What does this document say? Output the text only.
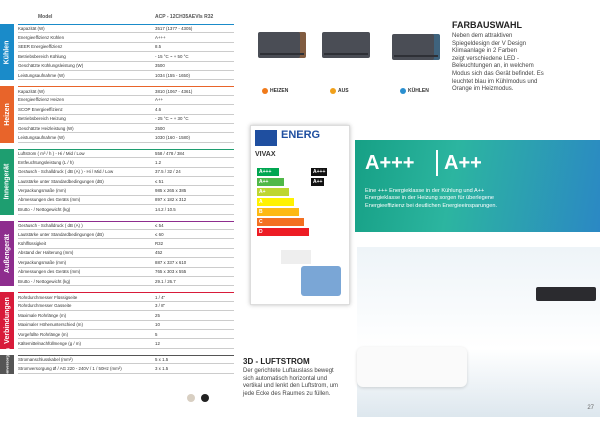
Model	ACP - 12CH35AEVIs R32
Kühlen
Kapazität (W)	3517 (1377 - 4305)
Energieeffizienz Kühlen	A+++
SEER Energieeffizienz	8.5
Betriebsbereich Kühlung	- 15 °C ~ + 50 °C
Geschätzte Kühlungsleistung (W)	3500
Leistungsaufnahme (W)	1034 (155 - 1650)
Heizen
Kapazität (W)	3810 (1067 - 4361)
Energieeffizienz Heizen	A++
SCOP Energieeffizienz	4.6
Betriebsbereich Heizung	- 25 °C ~ + 30 °C
Geschätzte Heizleistung (W)	2500
Leistungsaufnahme (W)	1030 (160 - 1580)
Innengerät
Luftstrom ( m³ / h ) - Hi / Mid / Low	558 / 478 / 384
Entfeuchtungsleistung (L / h)	1.2
Geräusch - Schalldruck ( dB (A) ) - Hi / Mid / Low	37.5 / 32 / 24
Lautstärke unter Standardbedingungen (dB)	≤ 51
Verpackungsmaße (mm)	985 x 265 x 385
Abmessungen des Geräts (mm)	897 x 182 x 312
Brutto - / Nettogewicht (kg)	14.2 / 10.5
Außengerät
Geräusch - Schalldruck ( dB (A) )	≤ 54
Lautstärke unter Standardbedingungen (dB)	≤ 60
Kühlflüssigkeit	R32
Abstand der Halterung (mm)	452
Verpackungsmaße (mm)	887 x 337 x 610
Abmessungen des Geräts (mm)	765 x 303 x 555
Brutto - / Nettogewicht (kg)	29.1 / 26.7
Verbindungen
Rohrdurchmesser Flüssigseite	1 / 4"
Rohrdurchmesser Gasseite	3 / 8"
Maximale Rohrlänge (m)	25
Maximaler Höhenunterschied (m)	10
Vorgefüllte Rohrlänge (m)	5
Kältemittelnachfüllmenge (g / m)	12
Stromversorgung Stromanschlusskabel (mm²)	5 x 1.5
Stromversorgung Ø / AG 220 - 240V / 1 / 50Hz (mm²)	3 x 1.5
HEIZEN	AUS	KÜHLEN
FARBAUSWAHL
Neben dem attraktiven
Spiegeldesign der V Design
Klimaanlage in 2 Farben
zeigt verschiedene LED -
Beleuchtungen an, in welchem
Modus sich das Gerät befindet. Es
leuchtet blau im Kühlmodus und
Orange im Heizmodus.
3D - LUFTSTROM
Der gerichtete Luftauslass bewegt
sich automatisch horizontal und
vertikal und lenkt den Luftstrom, um
jede Ecke des Raumes zu füllen.
ENERG
VIVAX
A+++
A++
A+
A
B
C
D
A+++
A++
A+++ A++
Eine +++ Energieklasse in der Kühlung und A++
Energieklasse in der Heizung sorgen für überlegene
Energieeffizienz bei deutlichen Energieeinsparungen.
27
